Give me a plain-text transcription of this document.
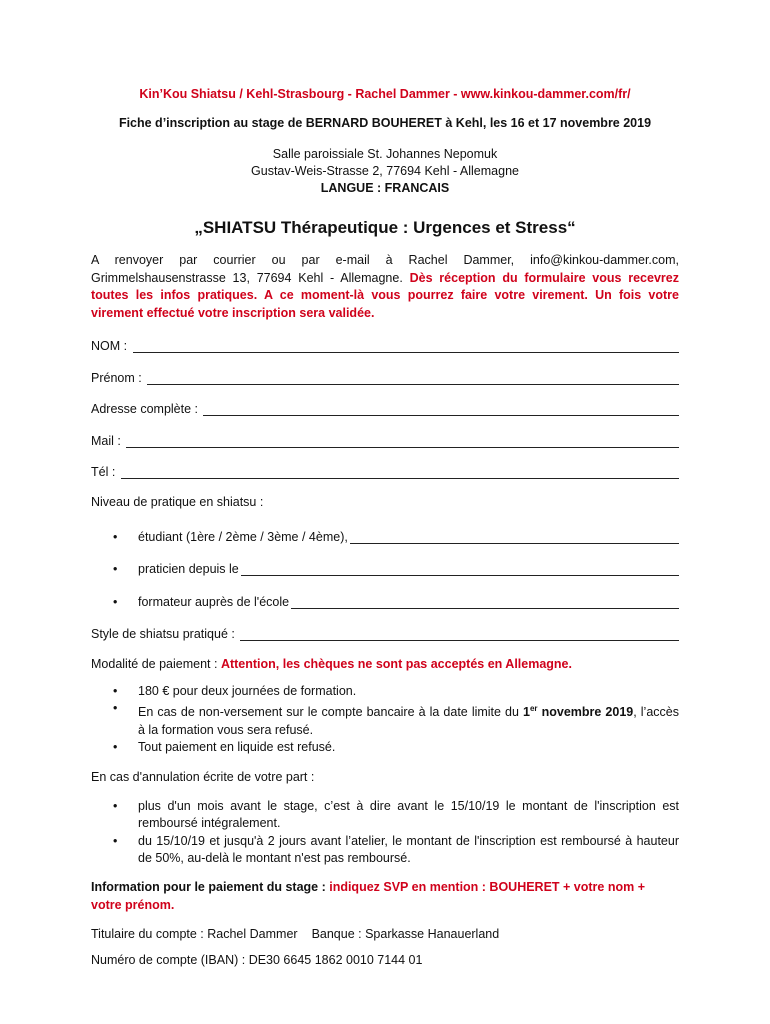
Kin’Kou Shiatsu / Kehl-Strasbourg - Rachel Dammer - www.kinkou-dammer.com/fr/
Fiche d’inscription au stage de BERNARD BOUHERET à Kehl, les 16 et 17 novembre 2019

Salle paroissiale St. Johannes Nepomuk

Gustav-Weis-Strasse 2, 77694 Kehl - Allemagne

LANGUE : FRANCAIS

„SHIATSU Thérapeutique : Urgences et Stress“

A renvoyer par courrier ou par e-mail à Rachel Dammer, info@kinkou-dammer.com, Grimmelshausenstrasse 13, 77694 Kehl - Allemagne. Dès réception du formulaire vous recevrez toutes les infos pratiques. A ce moment-là vous pourrez faire votre virement. Un fois votre virement effectué votre inscription sera validée.

NOM :
Prénom :
Adresse complète :
Mail :
Tél :

Niveau de pratique en shiatsu :

•	étudiant (1ère / 2ème / 3ème / 4ème),
•	praticien depuis le
•	formateur auprès de l'école
Style de shiatsu pratiqué :

Modalité de paiement : Attention, les chèques ne sont pas acceptés en Allemagne.

•	180 € pour deux journées de formation.
•	En cas de non-versement sur le compte bancaire à la date limite du 1er novembre 2019, l’accès à la formation vous sera refusé.
•	Tout paiement en liquide est refusé.

En cas d'annulation écrite de votre part :

•	plus d'un mois avant le stage, c’est à dire avant le 15/10/19 le montant de l'inscription est remboursé intégralement.
•	du 15/10/19 et jusqu'à 2 jours avant l’atelier, le montant de l'inscription est remboursé à hauteur de 50%, au-delà le montant n'est pas remboursé.

Information pour le paiement du stage : indiquez SVP en mention : BOUHERET + votre nom + votre prénom.

Titulaire du compte : Rachel Dammer Banque : Sparkasse Hanauerland

Numéro de compte (IBAN) : DE30 6645 1862 0010 7144 01
